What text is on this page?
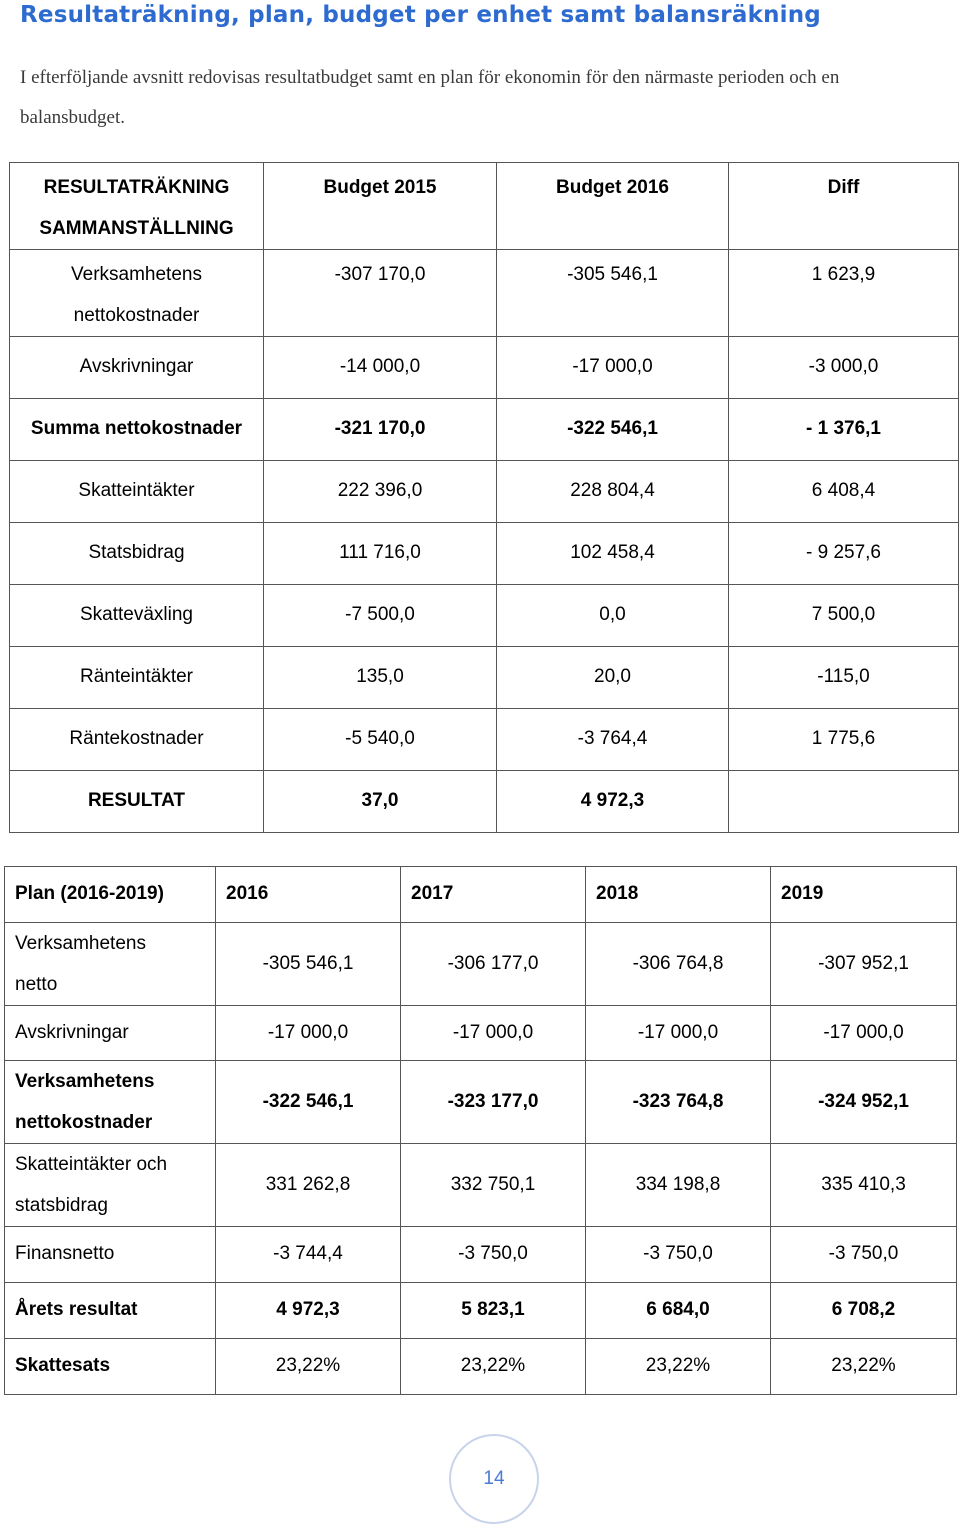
Resultaträkning, plan, budget per enhet samt balansräkning

I efterföljande avsnitt redovisas resultatbudget samt en plan för ekonomin för den närmaste perioden och en balansbudget.

RESULTATRÄKNING
SAMMANSTÄLLNING	Budget 2015	Budget 2016	Diff

Verksamhetens
nettokostnader	-307 170,0	-305 546,1	1 623,9
Avskrivningar	-14 000,0	-17 000,0	-3 000,0
Summa nettokostnader	-321 170,0	-322 546,1	- 1 376,1
Skatteintäkter	222 396,0	228 804,4	6 408,4
Statsbidrag	111 716,0	102 458,4	- 9 257,6
Skatteväxling	-7 500,0	0,0	7 500,0
Ränteintäkter	135,0	20,0	-115,0
Räntekostnader	-5 540,0	-3 764,4	1 775,6
RESULTAT	37,0	4 972,3	
Plan (2016-2019)	2016	2017	2018	2019

Verksamhetens
netto	-305 546,1	-306 177,0	-306 764,8	-307 952,1
Avskrivningar	-17 000,0	-17 000,0	-17 000,0	-17 000,0

Verksamhetens
nettokostnader	-322 546,1	-323 177,0	-323 764,8	-324 952,1

Skatteintäkter och
statsbidrag	331 262,8	332 750,1	334 198,8	335 410,3
Finansnetto	-3 744,4	-3 750,0	-3 750,0	-3 750,0
Årets resultat	4 972,3	5 823,1	6 684,0	6 708,2
Skattesats	23,22%	23,22%	23,22%	23,22%
14
